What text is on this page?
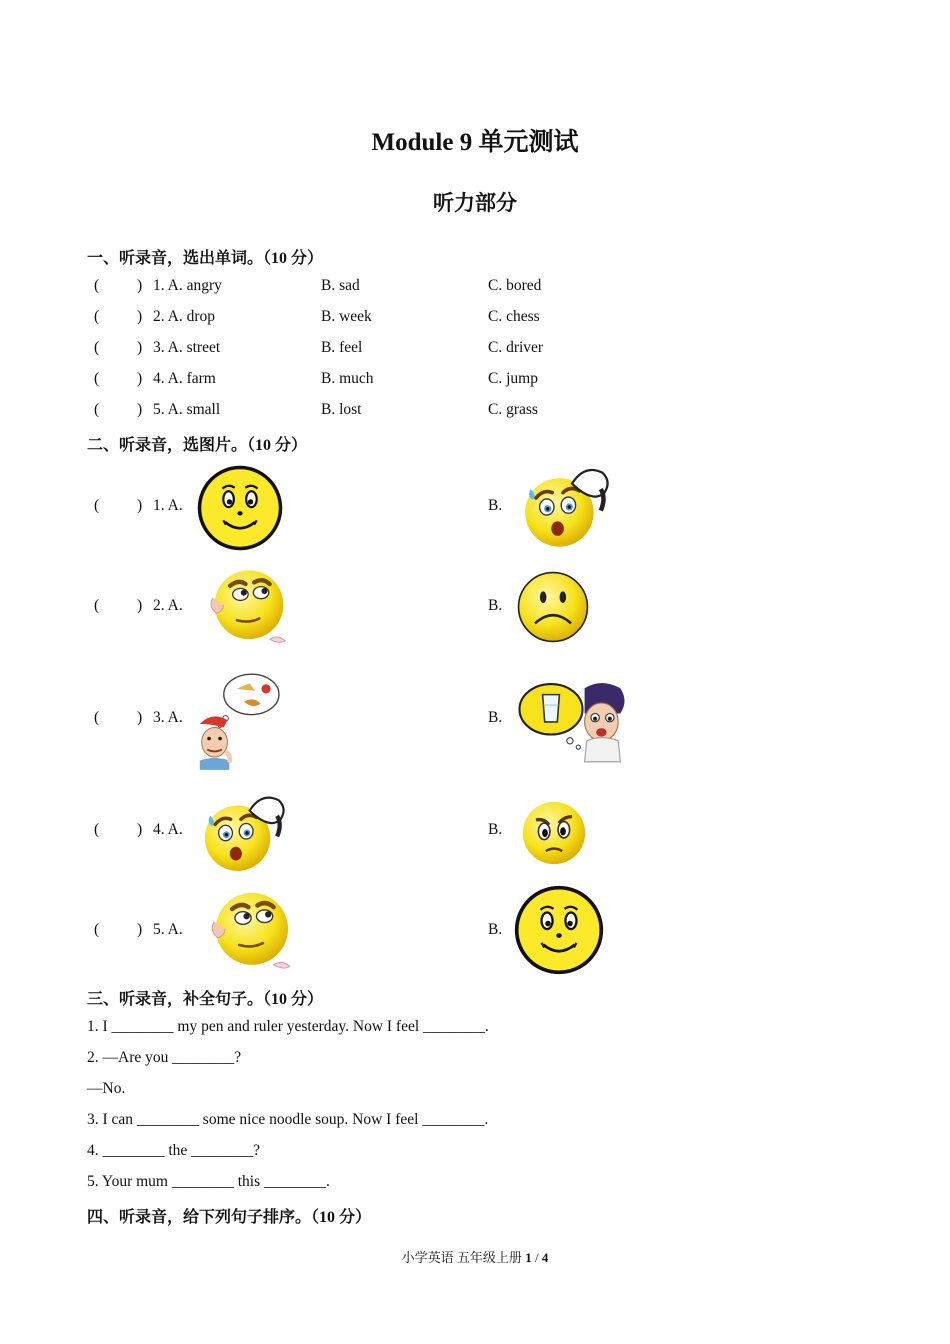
Module 9 单元测试
听力部分
一、听录音，选出单词。（10 分）
( ) 1. A. angry	B. sad	C. bored
( ) 2. A. drop	B. week	C. chess
( ) 3. A. street	B. feel	C. driver
( ) 4. A. farm	B. much	C. jump
( ) 5. A. small	B. lost	C. grass
二、听录音，选图片。（10 分）
( ) 1. A.	B.
( ) 2. A.	B.
( ) 3. A.	B.
( ) 4. A.	B.
( ) 5. A.	B.
三、听录音，补全句子。（10 分）
1. I ________ my pen and ruler yesterday. Now I feel ________.
2. —Are you ________?
—No.
3. I can ________ some nice noodle soup. Now I feel ________.
4. ________ the ________?
5. Your mum ________ this ________.
四、听录音，给下列句子排序。（10 分）
小学英语 五年级上册 1 / 4
